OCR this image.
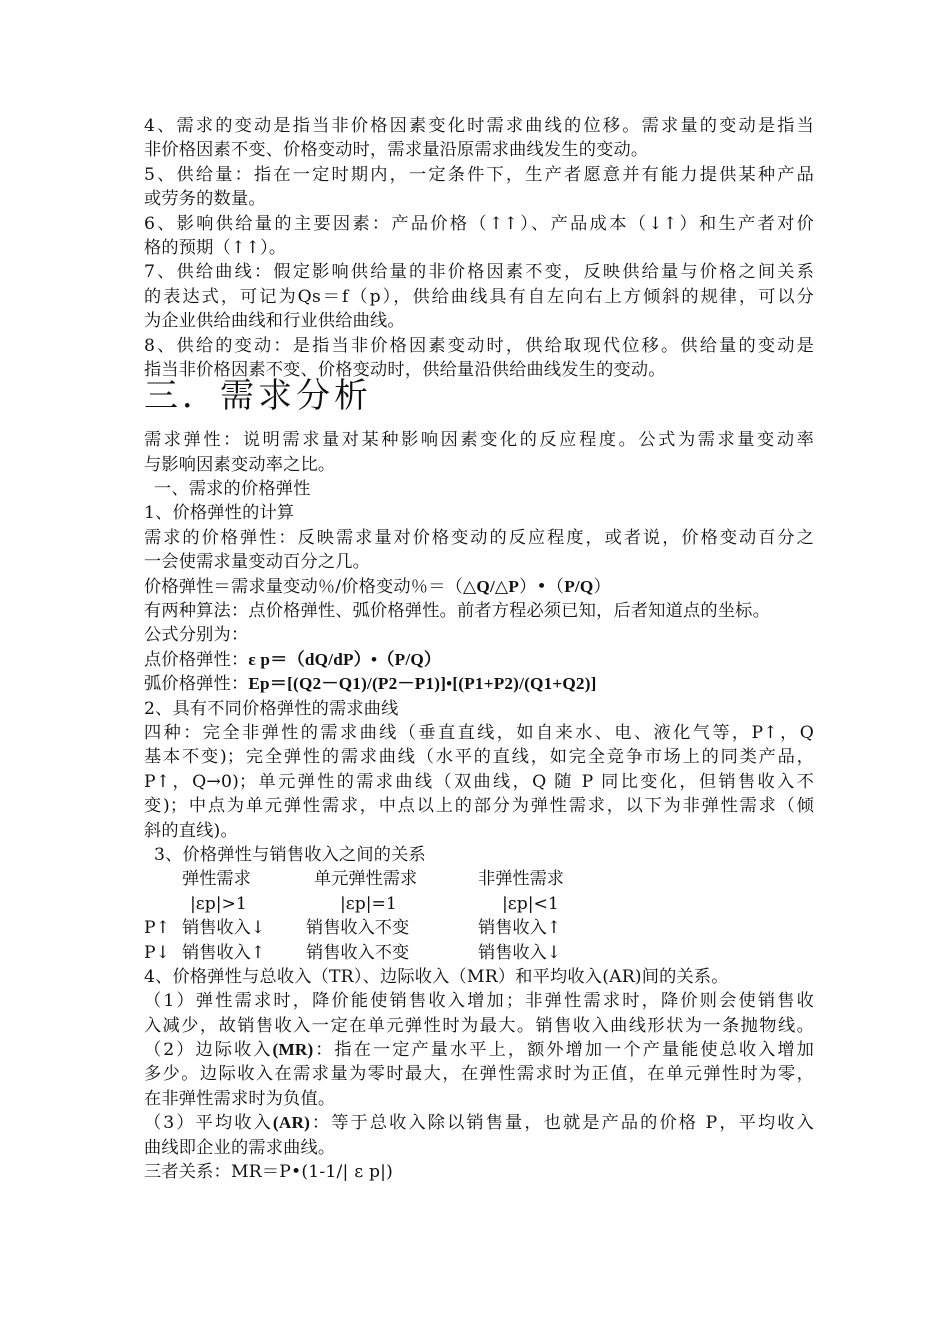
4、需求的变动是指当非价格因素变化时需求曲线的位移。需求量的变动是指当
非价格因素不变、价格变动时，需求量沿原需求曲线发生的变动。
5、供给量：指在一定时期内，一定条件下，生产者愿意并有能力提供某种产品
或劳务的数量。
6、影响供给量的主要因素：产品价格（↑↑）、产品成本（↓↑）和生产者对价
格的预期（↑↑）。
7、供给曲线：假定影响供给量的非价格因素不变，反映供给量与价格之间关系
的表达式，可记为Qs＝f（p），供给曲线具有自左向右上方倾斜的规律，可以分
为企业供给曲线和行业供给曲线。
8、供给的变动：是指当非价格因素变动时，供给取现代位移。供给量的变动是
指当非价格因素不变、价格变动时，供给量沿供给曲线发生的变动。
三．需求分析
需求弹性：说明需求量对某种影响因素变化的反应程度。公式为需求量变动率
与影响因素变动率之比。
一、需求的价格弹性
1、价格弹性的计算
需求的价格弹性：反映需求量对价格变动的反应程度，或者说，价格变动百分之
一会使需求量变动百分之几。
价格弹性＝需求量变动％/价格变动％＝（△Q/△P）•（P/Q）
有两种算法：点价格弹性、弧价格弹性。前者方程必须已知，后者知道点的坐标。
公式分别为：
点价格弹性：ε p＝（dQ/dP）•（P/Q）
弧价格弹性：Ep＝[(Q2－Q1)/(P2－P1)]•[(P1+P2)/(Q1+Q2)]
2、具有不同价格弹性的需求曲线
四种：完全非弹性的需求曲线（垂直直线，如自来水、电、液化气等，P↑，Q
基本不变)；完全弹性的需求曲线（水平的直线，如完全竞争市场上的同类产品，
P↑，Q→0)；单元弹性的需求曲线（双曲线，Q 随 P 同比变化，但销售收入不
变)；中点为单元弹性需求，中点以上的部分为弹性需求，以下为非弹性需求（倾
斜的直线)。
3、价格弹性与销售收入之间的关系
弹性需求	单元弹性需求	非弹性需求
|εp|>1	|εp|=1	|εp|<1
P↑ 销售收入↓ 销售收入不变	销售收入↑
P↓ 销售收入↑ 销售收入不变	销售收入↓
4、价格弹性与总收入（TR）、边际收入（MR）和平均收入(AR)间的关系。
（1）弹性需求时，降价能使销售收入增加；非弹性需求时，降价则会使销售收
入减少，故销售收入一定在单元弹性时为最大。销售收入曲线形状为一条抛物线。
（2）边际收入(MR)：指在一定产量水平上，额外增加一个产量能使总收入增加
多少。边际收入在需求量为零时最大，在弹性需求时为正值，在单元弹性时为零，
在非弹性需求时为负值。
（3）平均收入(AR)：等于总收入除以销售量，也就是产品的价格 P，平均收入
曲线即企业的需求曲线。
三者关系：MR＝P•(1-1/| ε p|)
